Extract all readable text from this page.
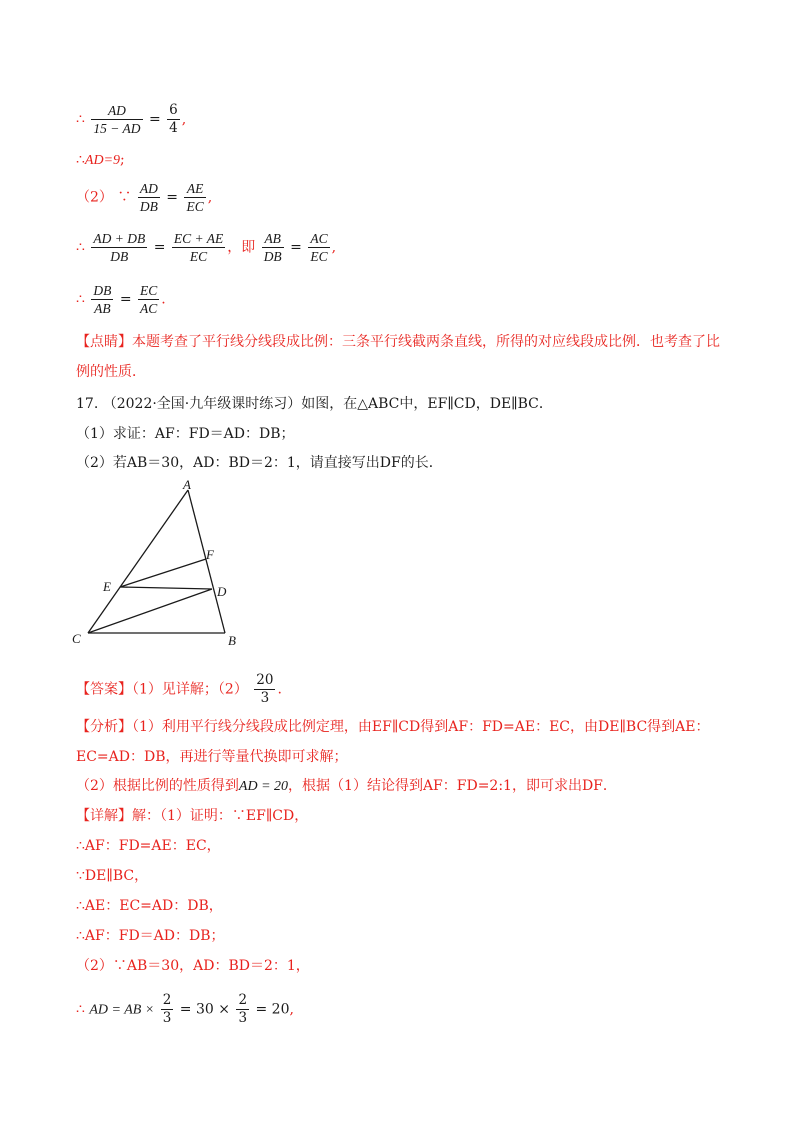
∴ $\frac{AD}{15 - AD} = \frac{6}{4}$ ,
∴AD=9;
（2） ∵ $\frac{AD}{DB} = \frac{AE}{EC}$ ,
∴ $\frac{AD + DB}{DB} = \frac{EC + AE}{EC}$ ，即 $\frac{AB}{DB} = \frac{AC}{EC}$ ,
∴ $\frac{DB}{AB} = \frac{EC}{AC}$ .
【点睛】本题考查了平行线分线段成比例：三条平行线截两条直线，所得的对应线段成比例．也考查了比
例的性质．
17. （2022·全国·九年级课时练习）如图，在△ABC中，EF∥CD，DE∥BC．
（1）求证：AF：FD＝AD：DB；
（2）若AB＝30，AD：BD＝2：1，请直接写出DF的长．
A
B
C
D
E
F
【答案】（1）见详解；$(2) \frac{20}{3}$ .
【分析】（1）利用平行线分线段成比例定理，由EF∥CD得到AF：FD=AE：EC，由DE∥BC得到AE：
EC=AD：DB，再进行等量代换即可求解；
（2）根据比例的性质得到AD = 20，根据（1）结论得到AF：FD=2:1，即可求出DF．
【详解】解：（1）证明：∵EF∥CD，
∴AF：FD=AE：EC，
∵DE∥BC，
∴AE：EC=AD：DB，
∴AF：FD＝AD：DB；
（2）∵AB＝30，AD：BD＝2：1，
∴ AD = AB × $\frac{2}{3} = 30 \times \frac{2}{3} = 20$,
